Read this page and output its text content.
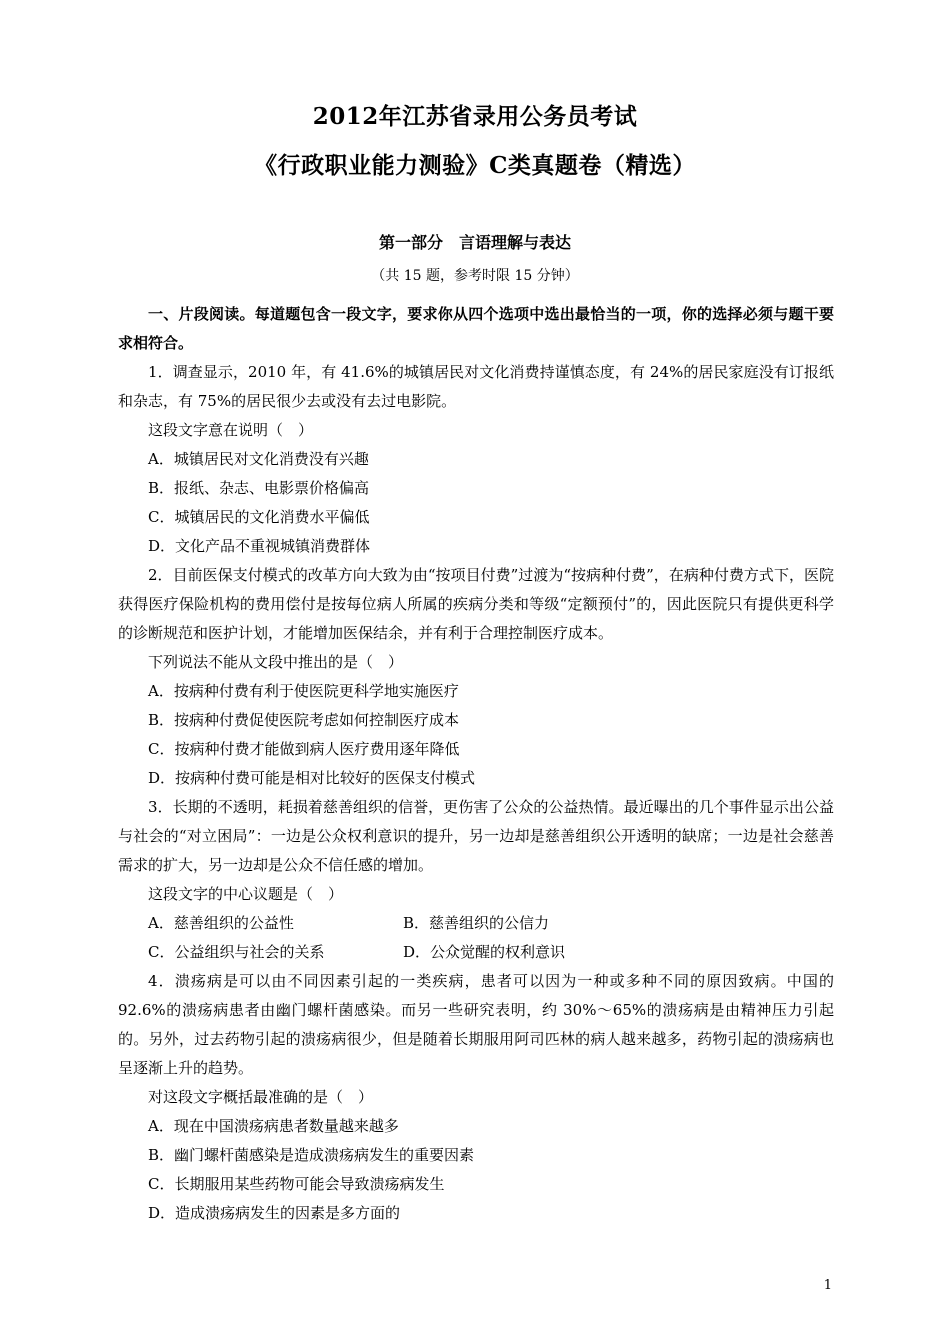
2012年江苏省录用公务员考试
《行政职业能力测验》C类真题卷（精选）
第一部分 言语理解与表达
（共 15 题，参考时限 15 分钟）

一、片段阅读。每道题包含一段文字，要求你从四个选项中选出最恰当的一项，你的选择必须与题干要求相符合。

1．调查显示，2010 年，有 41.6%的城镇居民对文化消费持谨慎态度，有 24%的居民家庭没有订报纸和杂志，有 75%的居民很少去或没有去过电影院。

这段文字意在说明（　）

A．城镇居民对文化消费没有兴趣

B．报纸、杂志、电影票价格偏高

C．城镇居民的文化消费水平偏低

D．文化产品不重视城镇消费群体

2．目前医保支付模式的改革方向大致为由“按项目付费”过渡为“按病种付费”，在病种付费方式下，医院获得医疗保险机构的费用偿付是按每位病人所属的疾病分类和等级“定额预付”的，因此医院只有提供更科学的诊断规范和医护计划，才能增加医保结余，并有利于合理控制医疗成本。

下列说法不能从文段中推出的是（　）

A．按病种付费有利于使医院更科学地实施医疗

B．按病种付费促使医院考虑如何控制医疗成本

C．按病种付费才能做到病人医疗费用逐年降低

D．按病种付费可能是相对比较好的医保支付模式

3．长期的不透明，耗损着慈善组织的信誉，更伤害了公众的公益热情。最近曝出的几个事件显示出公益与社会的“对立困局”：一边是公众权利意识的提升，另一边却是慈善组织公开透明的缺席；一边是社会慈善需求的扩大，另一边却是公众不信任感的增加。

这段文字的中心议题是（　）

A．慈善组织的公益性	B．慈善组织的公信力
C．公益组织与社会的关系	D．公众觉醒的权利意识

4．溃疡病是可以由不同因素引起的一类疾病，患者可以因为一种或多种不同的原因致病。中国的 92.6%的溃疡病患者由幽门螺杆菌感染。而另一些研究表明，约 30%～65%的溃疡病是由精神压力引起的。另外，过去药物引起的溃疡病很少，但是随着长期服用阿司匹林的病人越来越多，药物引起的溃疡病也呈逐渐上升的趋势。

对这段文字概括最准确的是（　）

A．现在中国溃疡病患者数量越来越多

B．幽门螺杆菌感染是造成溃疡病发生的重要因素

C．长期服用某些药物可能会导致溃疡病发生

D．造成溃疡病发生的因素是多方面的

1
